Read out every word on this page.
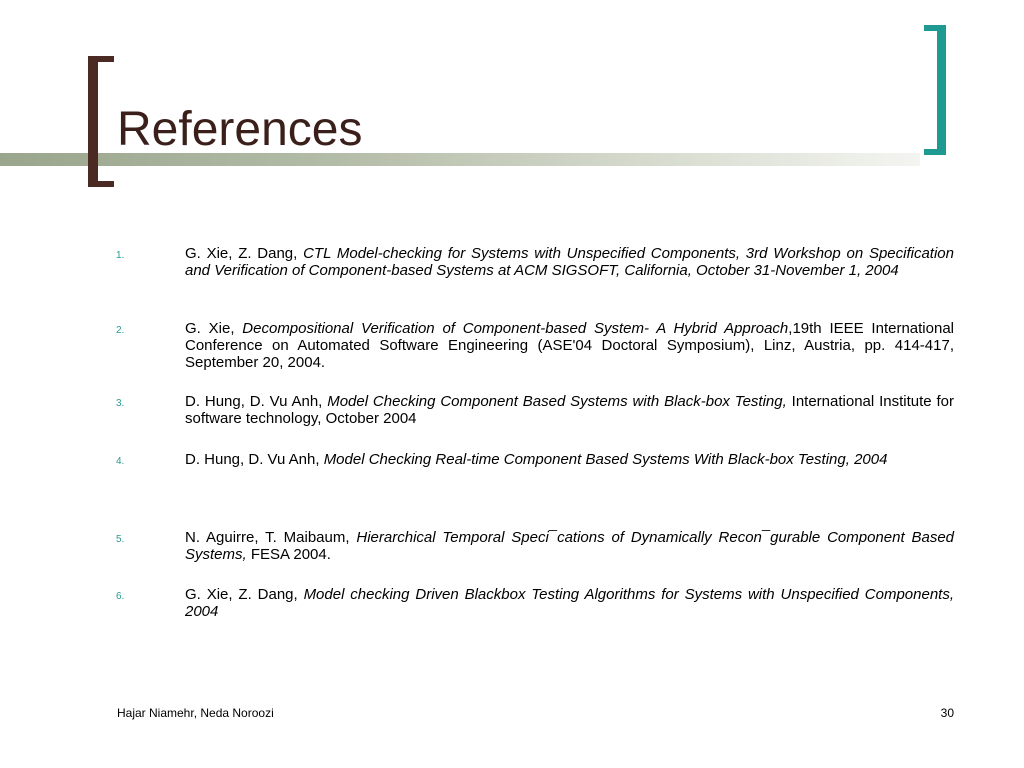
References
1.	G. Xie, Z. Dang, CTL Model-checking for Systems with Unspecified Components, 3rd Workshop on Specification and Verification of Component-based Systems at ACM SIGSOFT, California, October 31-November 1, 2004
2.	G. Xie, Decompositional Verification of Component-based System- A Hybrid Approach,19th IEEE International Conference on Automated Software Engineering (ASE'04 Doctoral Symposium), Linz, Austria, pp. 414-417, September 20, 2004.
3.	D. Hung, D. Vu Anh, Model Checking Component Based Systems with Black-box Testing, International Institute for software technology, October 2004
4.	D. Hung, D. Vu Anh, Model Checking Real-time Component Based Systems With Black-box Testing, 2004
5.	N. Aguirre, T. Maibaum, Hierarchical Temporal Speci¯cations of Dynamically Recon¯gurable Component Based Systems, FESA 2004.
6.	G. Xie, Z. Dang, Model checking Driven Blackbox Testing Algorithms for Systems with Unspecified Components, 2004
Hajar Niamehr, Neda Noroozi	30
